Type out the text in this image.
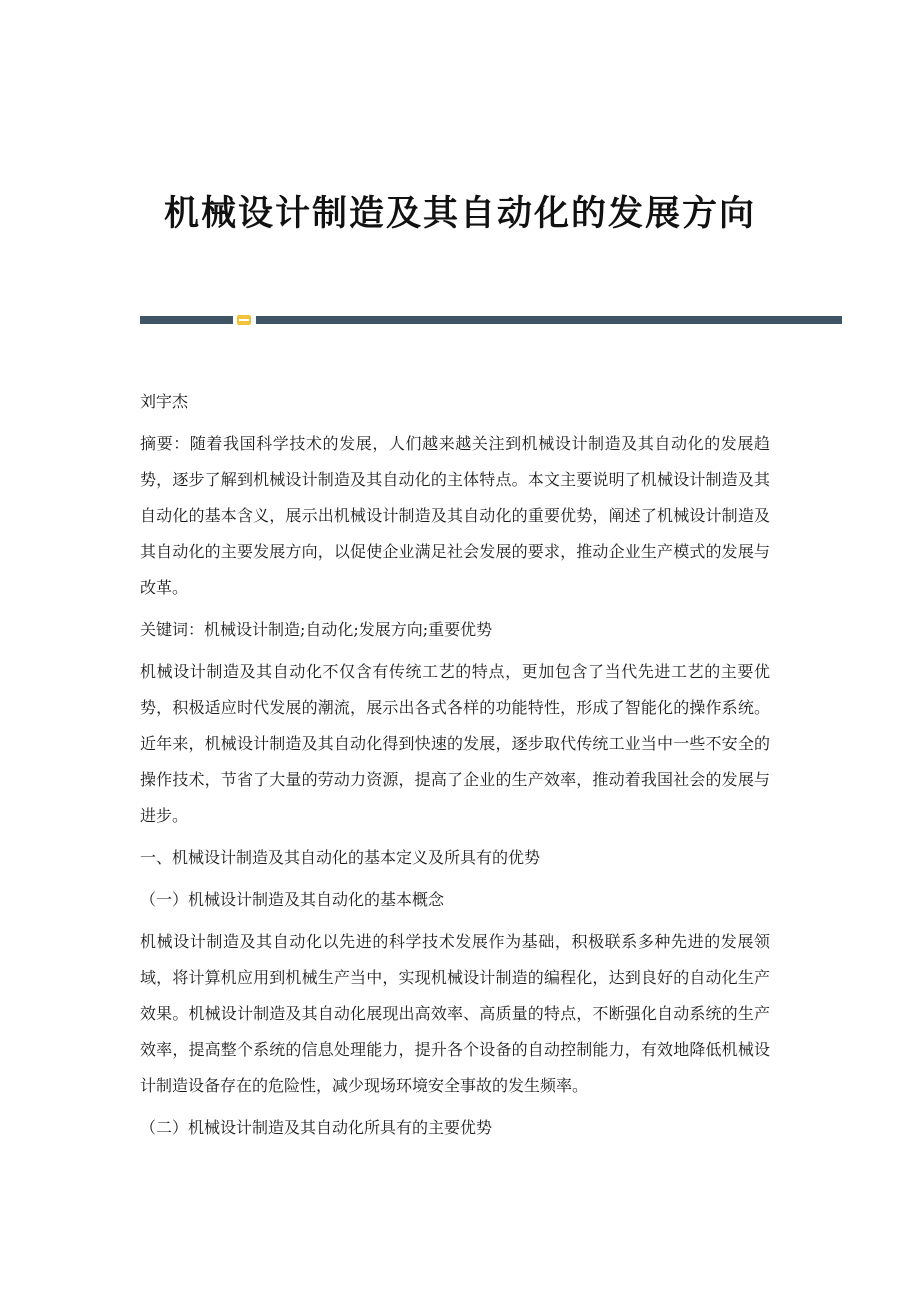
机械设计制造及其自动化的发展方向

刘宇杰

摘要：随着我国科学技术的发展，人们越来越关注到机械设计制造及其自动化的发展趋势，逐步了解到机械设计制造及其自动化的主体特点。本文主要说明了机械设计制造及其自动化的基本含义，展示出机械设计制造及其自动化的重要优势，阐述了机械设计制造及其自动化的主要发展方向，以促使企业满足社会发展的要求，推动企业生产模式的发展与改革。

关键词：机械设计制造;自动化;发展方向;重要优势

机械设计制造及其自动化不仅含有传统工艺的特点，更加包含了当代先进工艺的主要优势，积极适应时代发展的潮流，展示出各式各样的功能特性，形成了智能化的操作系统。近年来，机械设计制造及其自动化得到快速的发展，逐步取代传统工业当中一些不安全的操作技术，节省了大量的劳动力资源，提高了企业的生产效率，推动着我国社会的发展与进步。

一、机械设计制造及其自动化的基本定义及所具有的优势

（一）机械设计制造及其自动化的基本概念

机械设计制造及其自动化以先进的科学技术发展作为基础，积极联系多种先进的发展领域，将计算机应用到机械生产当中，实现机械设计制造的编程化，达到良好的自动化生产效果。机械设计制造及其自动化展现出高效率、高质量的特点，不断强化自动系统的生产效率，提高整个系统的信息处理能力，提升各个设备的自动控制能力，有效地降低机械设计制造设备存在的危险性，减少现场环境安全事故的发生频率。

（二）机械设计制造及其自动化所具有的主要优势
